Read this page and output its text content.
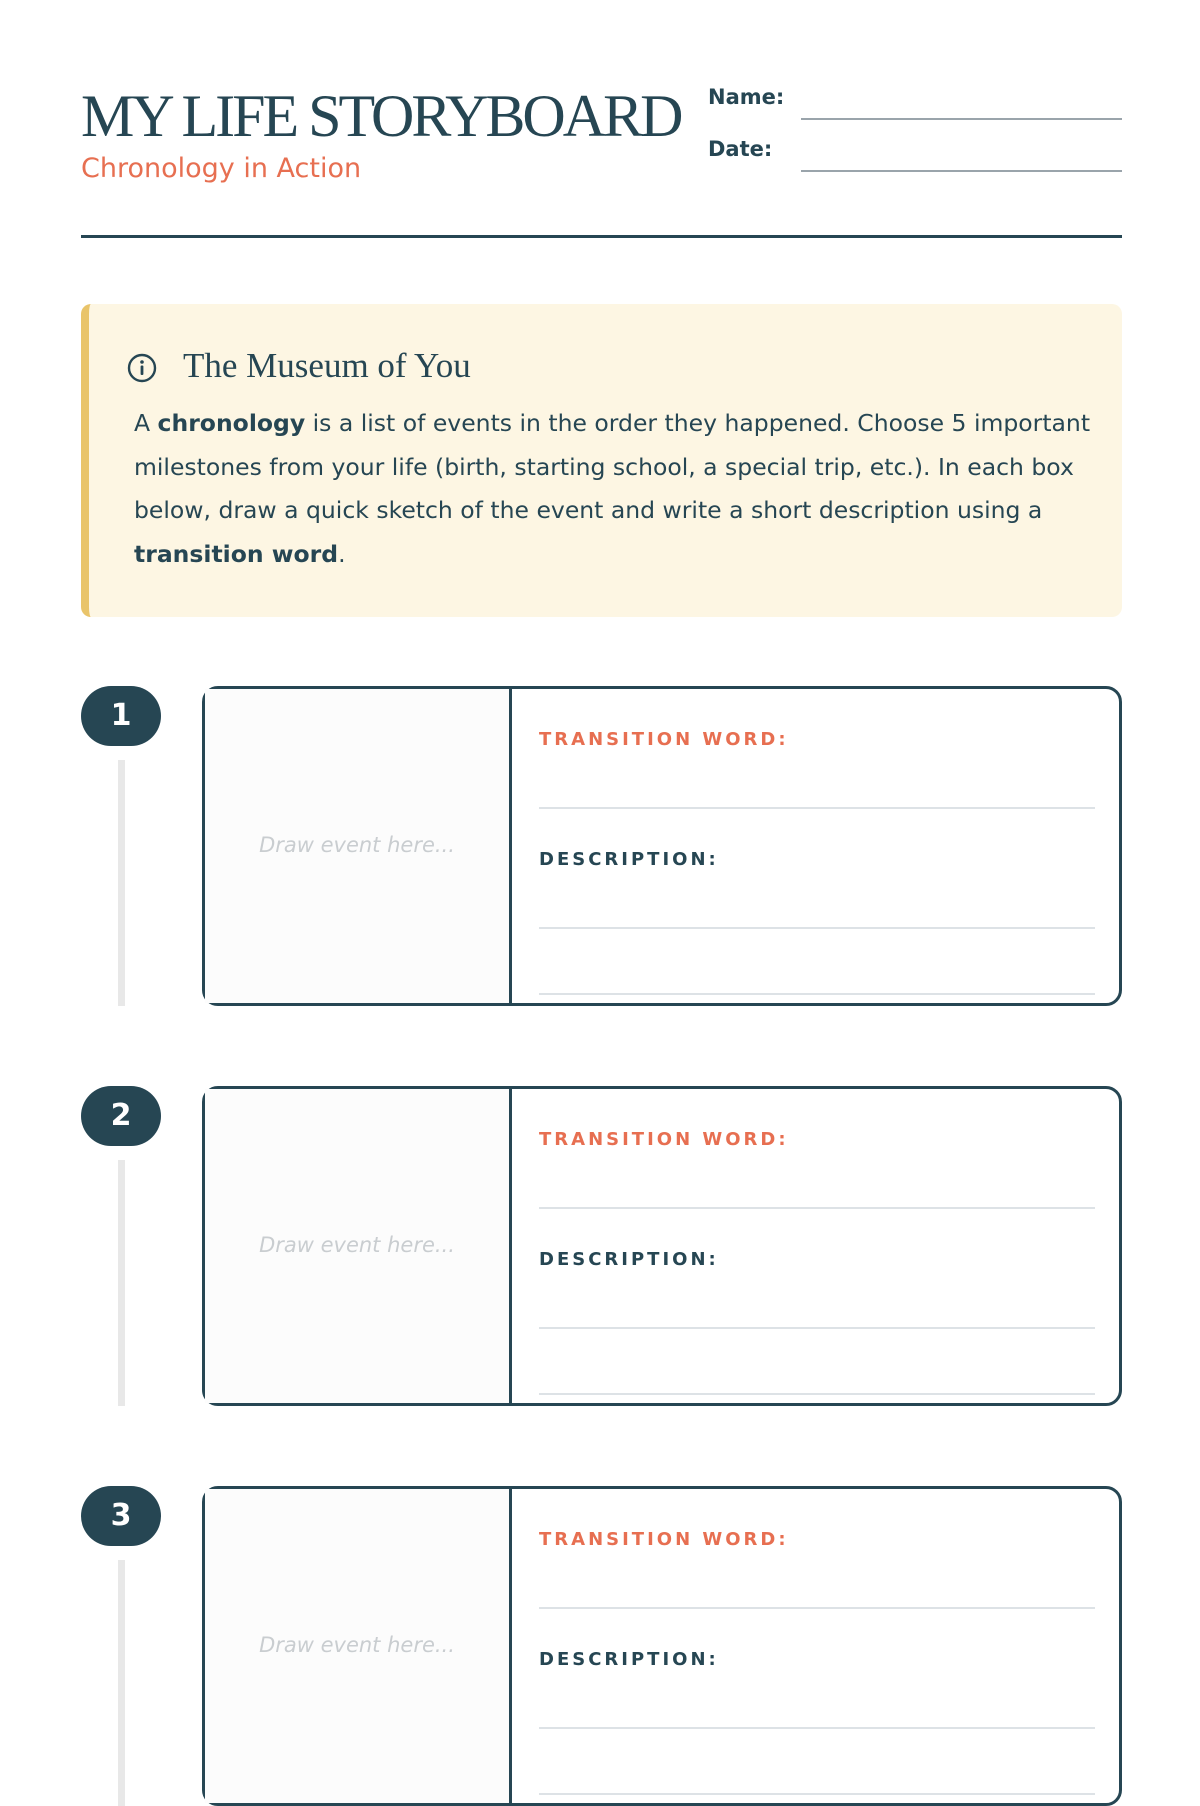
MY LIFE STORYBOARD
Chronology in Action
Name:
Date:
The Museum of You
A chronology is a list of events in the order they happened. Choose 5 important milestones from your life (birth, starting school, a special trip, etc.). In each box below, draw a quick sketch of the event and write a short description using a transition word.
1
Draw event here...
TRANSITION WORD:
DESCRIPTION:
2
Draw event here...
TRANSITION WORD:
DESCRIPTION:
3
Draw event here...
TRANSITION WORD:
DESCRIPTION:
